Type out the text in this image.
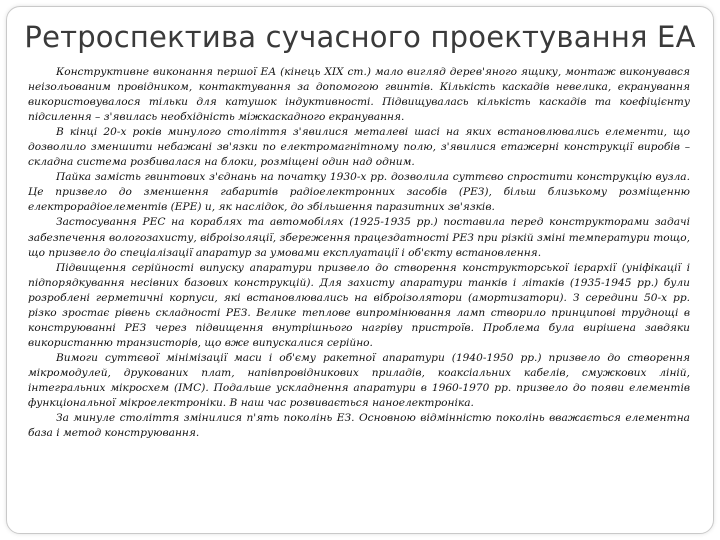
Ретроспектива сучасного проектування ЕА

Конструктивне виконання першої ЕА (кінець XIX ст.) мало вигляд дерев'яного ящику, монтаж виконувався неізольованим провідником, контактування за допомогою гвинтів. Кількість каскадів невелика, екранування використовувалося тільки для катушок індуктивності. Підвищувалась кількість каскадів та коефіцієнту підсилення – з'явилась необхідність міжкаскадного екранування.

В кінці 20-х років минулого століття з'явилися металеві шасі на яких встановлювались елементи, що дозволило зменшити небажані зв'язки по електромагнітному полю, з'явилися етажерні конструкції виробів – складна система розбивалася на блоки, розміщені один над одним.

Пайка замість гвинтових з'єднань на початку 1930-х рр. дозволила суттєво спростити конструкцію вузла. Це призвело до зменшення габаритів радіоелектронних засобів (РЕЗ), більш близькому розміщенню електрорадіоелементів (ЕРЕ) и, як наслідок, до збільшення паразитних зв'язків.

Застосування РЕС на кораблях та автомобілях (1925-1935 рр.) поставила перед конструкторами задачі забезпечення вологозахисту, віброізоляції, збереження працездатності РЕЗ при різкій зміні температури тощо, що призвело до спеціалізації апаратур за умовами експлуатації і об'єкту встановлення.

Підвищення серійності випуску апаратури призвело до створення конструкторської ієрархії (уніфікації і підпорядкування несівних базових конструкцій). Для захисту апаратури танків і літаків (1935-1945 рр.) були розроблені герметичні корпуси, які встановлювались на віброізолятори (амортизатори). З середини 50-х рр. різко зростає рівень складності РЕЗ. Велике теплове випромінювання ламп створило принципові труднощі в конструюванні РЕЗ через підвищення внутрішнього нагріву пристроїв. Проблема була вирішена завдяки використанню транзисторів, що вже випускалися серійно.

Вимоги суттєвої мінімізації маси і об'єму ракетної апаратури (1940-1950 рр.) призвело до створення мікромодулей, друкованих плат, напівпровідникових приладів, коаксіальних кабелів, смужкових ліній, інтегральних мікросхем (ІМС). Подальше ускладнення апаратури в 1960-1970 рр. призвело до появи елементів функціональної мікроелектроніки. В наш час розвивається наноелектроніка.

За минуле століття змінилися п'ять поколінь ЕЗ. Основною відмінністю поколінь вважається елементна база і метод конструювання.
